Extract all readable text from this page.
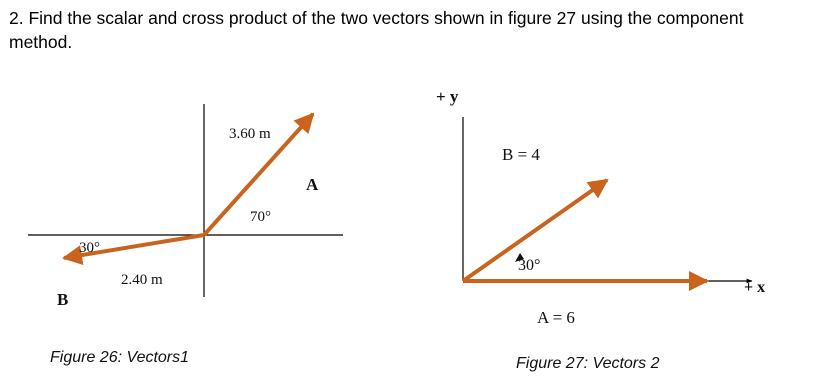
2. Find the scalar and cross product of the two vectors shown in figure 27 using the component method.
3.60 m
A
70°
30°
2.40 m
B
+ y
B = 4
30°
+ x
A = 6
Figure 26: Vectors1	Figure 27: Vectors 2
